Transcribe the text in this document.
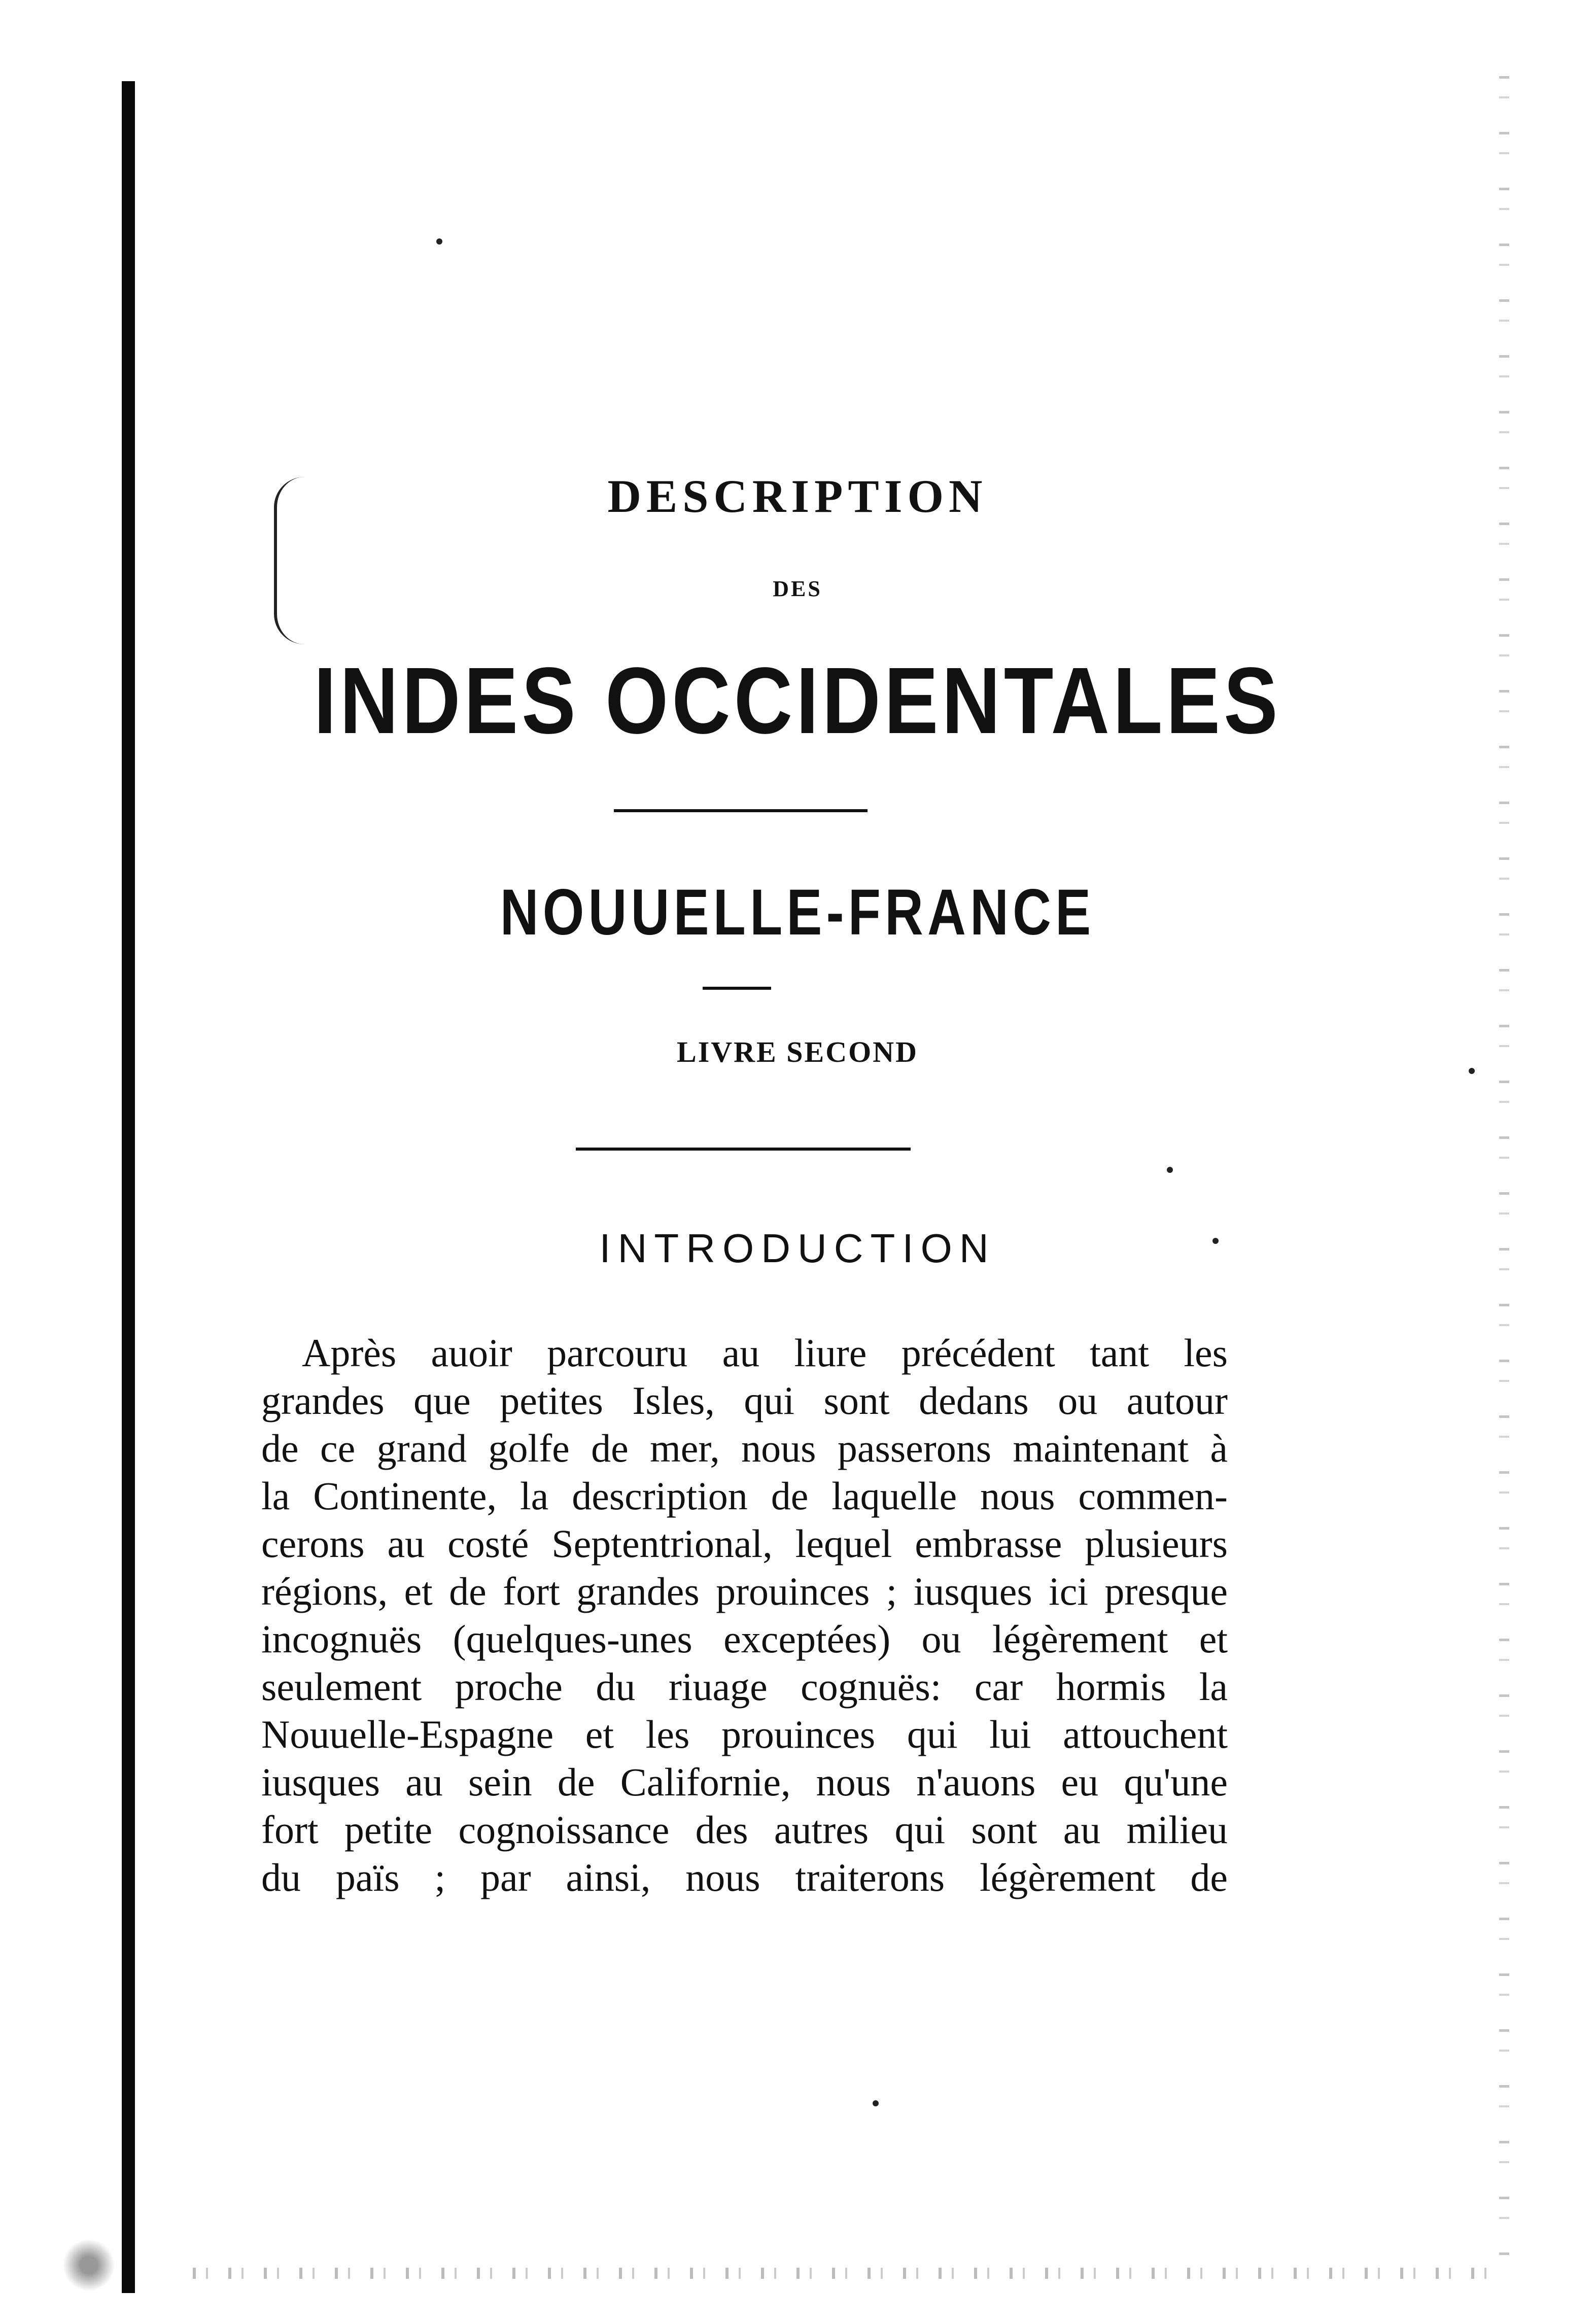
DESCRIPTION
DES
INDES OCCIDENTALES
NOUUELLE-FRANCE
LIVRE SECOND
INTRODUCTION
Après auoir parcouru au liure précédent tant les
grandes que petites Isles, qui sont dedans ou autour
de ce grand golfe de mer, nous passerons maintenant à
la Continente, la description de laquelle nous commen-
cerons au costé Septentrional, lequel embrasse plusieurs
régions, et de fort grandes prouinces ; iusques ici presque
incognuës (quelques-unes exceptées) ou légèrement et
seulement proche du riuage cognuës: car hormis la
Nouuelle-Espagne et les prouinces qui lui attouchent
iusques au sein de Californie, nous n'auons eu qu'une
fort petite cognoissance des autres qui sont au milieu
du païs ; par ainsi, nous traiterons légèrement de
